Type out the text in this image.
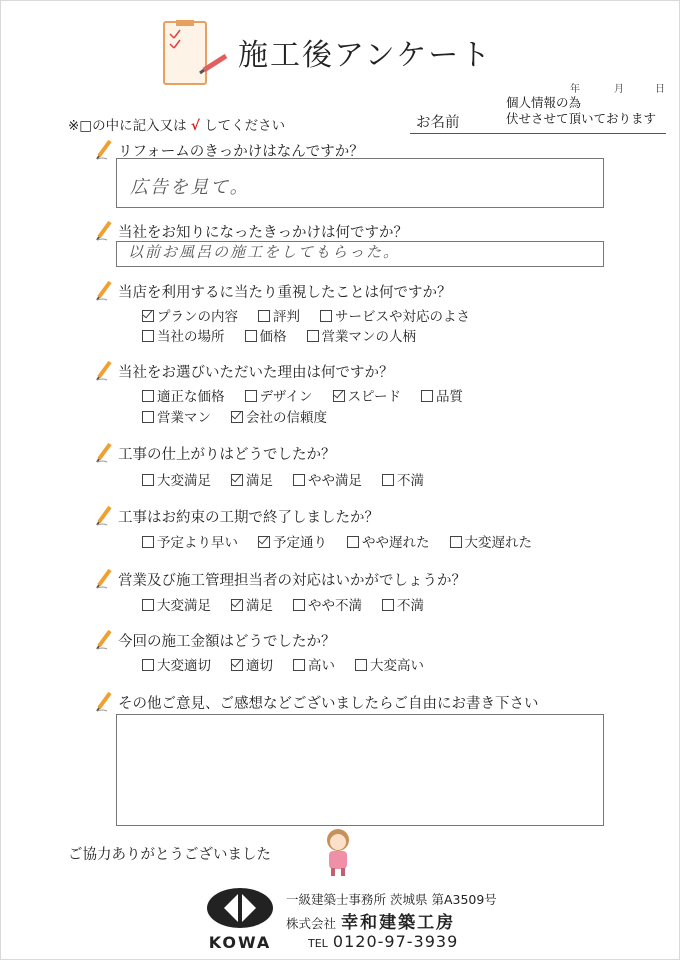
施工後アンケート
年	月	日
※□の中に記入又は √ してください	お名前
個人情報の為
伏せさせて頂いております
リフォームのきっかけはなんですか？
当社をお知りになったきっかけは何ですか？
当店を利用するに当たり重視したことは何ですか？
プランの内容	評判	サービスや対応のよさ
当社の場所	価格	営業マンの人柄
当社をお選びいただいた理由は何ですか？
適正な価格	デザイン	スピード	品質
営業マン	会社の信頼度
工事の仕上がりはどうでしたか？
大変満足	満足	やや満足	不満
工事はお約束の工期で終了しましたか？
予定より早い	予定通り	やや遅れた	大変遅れた
営業及び施工管理担当者の対応はいかがでしょうか？
大変満足	満足	やや不満	不満
今回の施工金額はどうでしたか？
大変適切	適切	高い	大変高い
その他ご意見、ご感想などございましたらご自由にお書き下さい
広告を見て。
以前お風呂の施工をしてもらった。
ご協力ありがとうございました
KOWA
一級建築士事務所 茨城県 第A3509号
株式会社 幸和建築工房
TEL 0120-97-3939
